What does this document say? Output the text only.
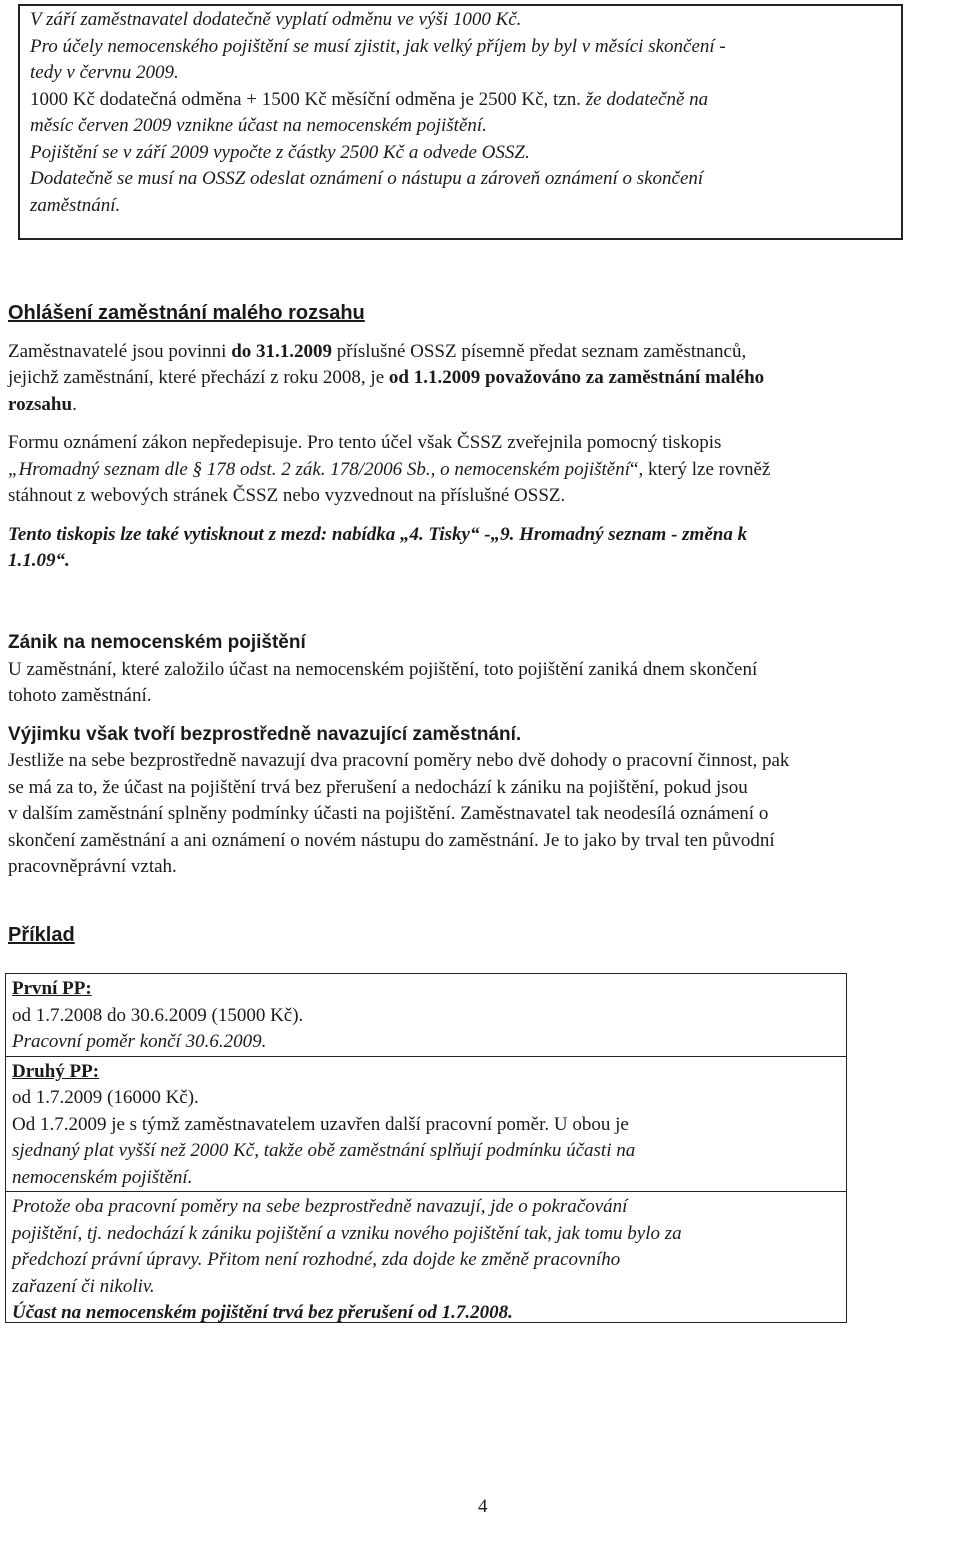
V září zaměstnavatel dodatečně vyplatí odměnu ve výši 1000 Kč.

Pro účely nemocenského pojištění se musí zjistit, jak velký příjem by byl v měsíci skončení -

tedy v červnu 2009.

1000 Kč dodatečná odměna + 1500 Kč měsíční odměna je 2500 Kč, tzn. že dodatečně na

měsíc červen 2009 vznikne účast na nemocenském pojištění.

Pojištění se v září 2009 vypočte z částky 2500 Kč a odvede OSSZ.

Dodatečně se musí na OSSZ odeslat oznámení o nástupu a zároveň oznámení o skončení

zaměstnání.

Ohlášení zaměstnání malého rozsahu

Zaměstnavatelé jsou povinni do 31.1.2009 příslušné OSSZ písemně předat seznam zaměstnanců,
jejichž zaměstnání, které přechází z roku 2008, je od 1.1.2009 považováno za zaměstnání malého
rozsahu.

Formu oznámení zákon nepředepisuje. Pro tento účel však ČSSZ zveřejnila pomocný tiskopis
„Hromadný seznam dle § 178 odst. 2 zák. 178/2006 Sb., o nemocenském pojištění“, který lze rovněž
stáhnout z webových stránek ČSSZ nebo vyzvednout na příslušné OSSZ.

Tento tiskopis lze také vytisknout z mezd: nabídka „4. Tisky“ -„9. Hromadný seznam - změna k
1.1.09“.

Zánik na nemocenském pojištění

U zaměstnání, které založilo účast na nemocenském pojištění, toto pojištění zaniká dnem skončení
tohoto zaměstnání.

Výjimku však tvoří bezprostředně navazující zaměstnání.

Jestliže na sebe bezprostředně navazují dva pracovní poměry nebo dvě dohody o pracovní činnost, pak
se má za to, že účast na pojištění trvá bez přerušení a nedochází k zániku na pojištění, pokud jsou
v dalším zaměstnání splněny podmínky účasti na pojištění. Zaměstnavatel tak neodesílá oznámení o
skončení zaměstnání a ani oznámení o novém nástupu do zaměstnání. Je to jako by trval ten původní
pracovněprávní vztah.

Příklad

První PP:

od 1.7.2008 do 30.6.2009 (15000 Kč).

Pracovní poměr končí 30.6.2009.

Druhý PP:

od 1.7.2009 (16000 Kč).

Od 1.7.2009 je s týmž zaměstnavatelem uzavřen další pracovní poměr. U obou je

sjednaný plat vyšší než 2000 Kč, takže obě zaměstnání splňují podmínku účasti na

nemocenském pojištění.

Protože oba pracovní poměry na sebe bezprostředně navazují, jde o pokračování

pojištění, tj. nedochází k zániku pojištění a vzniku nového pojištění tak, jak tomu bylo za

předchozí právní úpravy. Přitom není rozhodné, zda dojde ke změně pracovního

zařazení či nikoliv.

Účast na nemocenském pojištění trvá bez přerušení od 1.7.2008.

4
